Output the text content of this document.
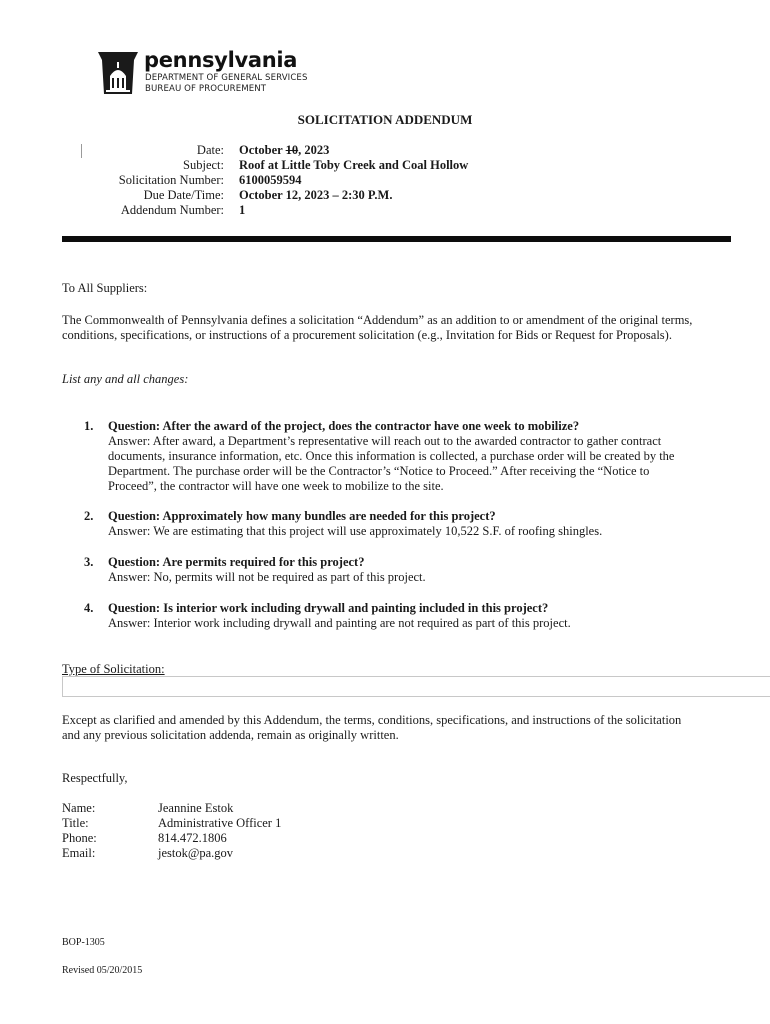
pennsylvania
DEPARTMENT OF GENERAL SERVICES
BUREAU OF PROCUREMENT
SOLICITATION ADDENDUM
Date: October 10, 2023
Subject: Roof at Little Toby Creek and Coal Hollow
Solicitation Number: 6100059594
Due Date/Time: October 12, 2023 – 2:30 P.M.
Addendum Number: 1
To All Suppliers:
The Commonwealth of Pennsylvania defines a solicitation “Addendum” as an addition to or amendment of the original terms, conditions, specifications, or instructions of a procurement solicitation (e.g., Invitation for Bids or Request for Proposals).
List any and all changes:
1. Question: After the award of the project, does the contractor have one week to mobilize?
Answer: After award, a Department’s representative will reach out to the awarded contractor to gather contract documents, insurance information, etc. Once this information is collected, a purchase order will be created by the Department. The purchase order will be the Contractor’s “Notice to Proceed.” After receiving the “Notice to Proceed”, the contractor will have one week to mobilize to the site.
2. Question: Approximately how many bundles are needed for this project?
Answer: We are estimating that this project will use approximately 10,522 S.F. of roofing shingles.
3. Question: Are permits required for this project?
Answer: No, permits will not be required as part of this project.
4. Question: Is interior work including drywall and painting included in this project?
Answer: Interior work including drywall and painting are not required as part of this project.
Type of Solicitation:
Except as clarified and amended by this Addendum, the terms, conditions, specifications, and instructions of the solicitation and any previous solicitation addenda, remain as originally written.
Respectfully,
Name:	Jeannine Estok
Title:	Administrative Officer 1
Phone:	814.472.1806
Email:	jestok@pa.gov
BOP-1305
Revised 05/20/2015
